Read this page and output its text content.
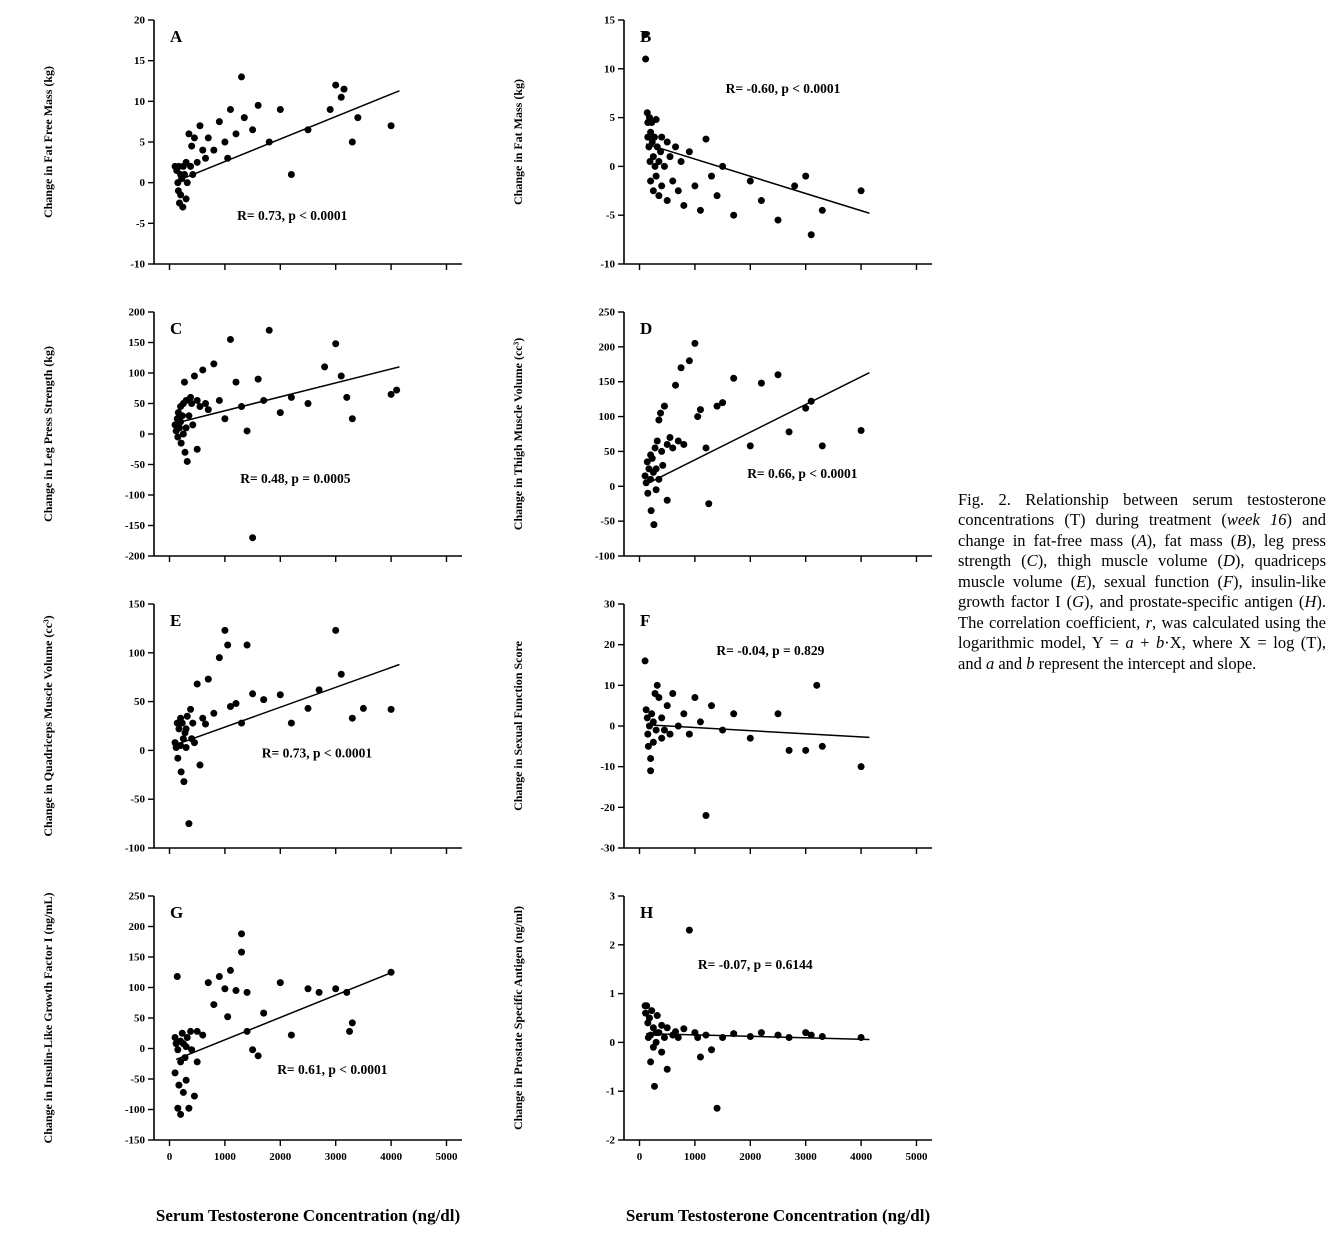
20
15
10
5
0
-5
-10
A
R= 0.73, p < 0.0001
Change in Fat Free Mass (kg)
200
150
100
50
0
-50
-100
-150
-200
C
R= 0.48, p = 0.0005
Change in Leg Press Strength (kg)
150
100
50
0
-50
-100
E
R= 0.73, p < 0.0001
Change in Quadriceps Muscle Volume (cc³)
250
200
150
100
50
0
-50
-100
-150
0	1000	2000	3000	4000	5000
G
R= 0.61, p < 0.0001
Change in Insulin-Like Growth Factor I (ng/mL)
15
10
5
0
-5
-10
B
R= -0.60, p < 0.0001
Change in Fat Mass (kg)
250
200
150
100
50
0
-50
-100
D
R= 0.66, p < 0.0001
Change in Thigh Muscle Volume (cc³)
30
20
10
0
-10
-20
-30
F
R= -0.04, p = 0.829
Change in Sexual Function Score
3
2
1
0
-1
-2
0	1000	2000	3000	4000	5000
H
R= -0.07, p = 0.6144
Change in Prostate Specific Antigen (ng/ml)
Serum Testosterone Concentration (ng/dl)	Serum Testosterone Concentration (ng/dl)
Fig. 2. Relationship between serum testosterone concentrations (T) during treatment (week 16) and change in fat-free mass (A), fat mass (B), leg press strength (C), thigh muscle volume (D), quadriceps muscle volume (E), sexual function (F), insulin-like growth factor I (G), and prostate-specific antigen (H). The correlation coefficient, r, was calculated using the logarithmic model, Y = a + b·X, where X = log (T), and a and b represent the intercept and slope.
